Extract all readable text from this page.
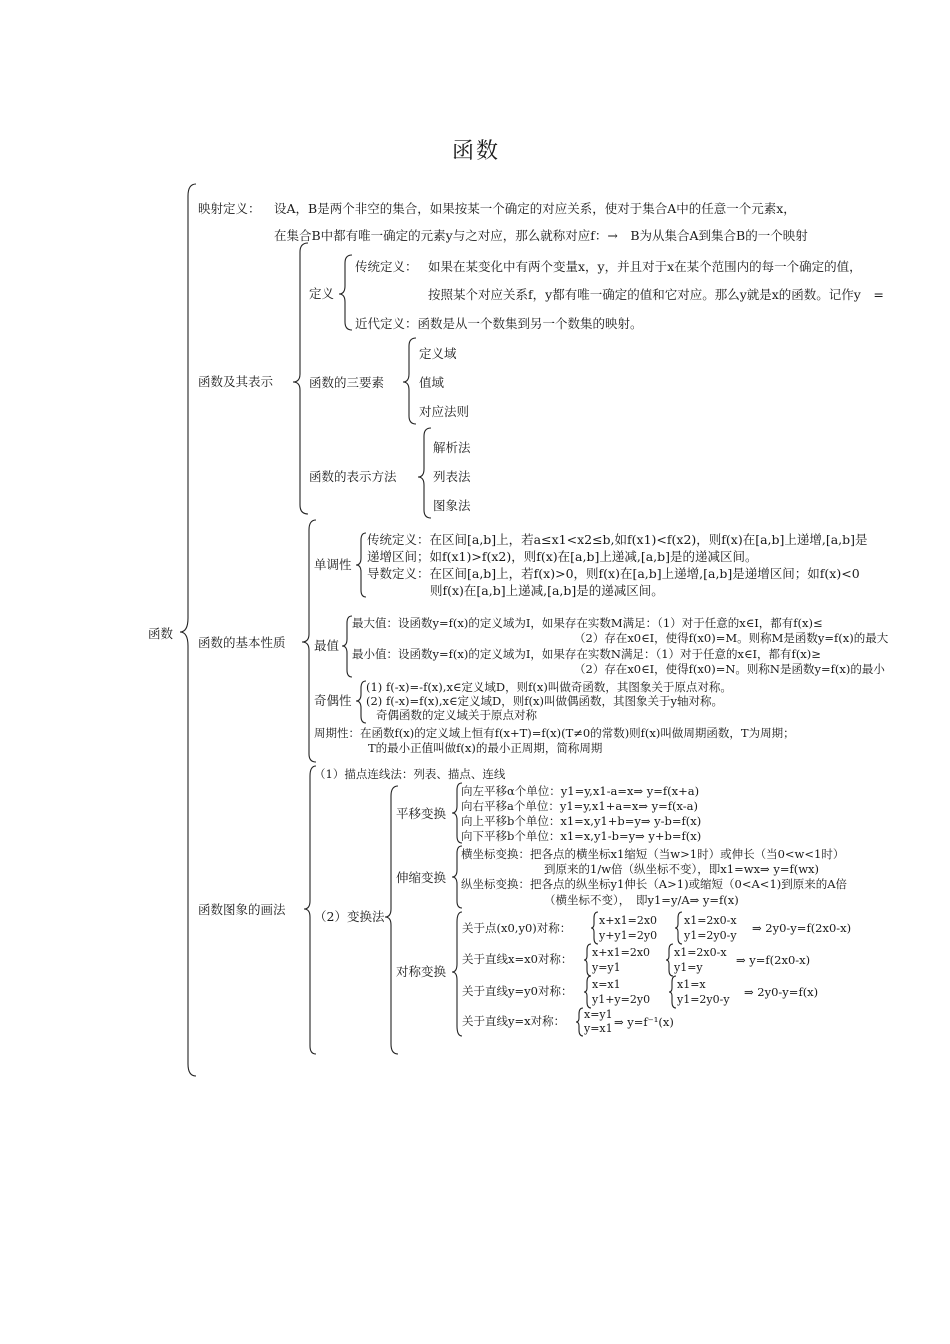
函数
函数
映射定义： 设A，B是两个非空的集合，如果按某一个确定的对应关系，使对于集合A中的任意一个元素x，
在集合B中都有唯一确定的元素y与之对应，那么就称对应f：→　B为从集合A到集合B的一个映射
函数及其表示
定义
传统定义： 如果在某变化中有两个变量x，y，并且对于x在某个范围内的每一个确定的值，
按照某个对应关系f，y都有唯一确定的值和它对应。那么y就是x的函数。记作y　=
近代定义：函数是从一个数集到另一个数集的映射。
函数的三要素
定义域
值域
对应法则
函数的表示方法
解析法
列表法
图象法
函数的基本性质
单调性
传统定义：在区间[a,b]上，若a≤x1<x2≤b,如f(x1)<f(x2)，则f(x)在[a,b]上递增,[a,b]是
递增区间；如f(x1)>f(x2)，则f(x)在[a,b]上递减,[a,b]是的递减区间。
导数定义：在区间[a,b]上，若f(x)>0，则f(x)在[a,b]上递增,[a,b]是递增区间；如f(x)<0
则f(x)在[a,b]上递减,[a,b]是的递减区间。
最值
最大值：设函数y=f(x)的定义域为I，如果存在实数M满足：（1）对于任意的x∈I，都有f(x)≤
（2）存在x0∈I，使得f(x0)=M。则称M是函数y=f(x)的最大
最小值：设函数y=f(x)的定义域为I，如果存在实数N满足：（1）对于任意的x∈I，都有f(x)≥
（2）存在x0∈I，使得f(x0)=N。则称N是函数y=f(x)的最小
奇偶性
(1) f(-x)=-f(x),x∈定义域D，则f(x)叫做奇函数，其图象关于原点对称。
(2) f(-x)=f(x),x∈定义域D，则f(x)叫做偶函数，其图象关于y轴对称。
奇偶函数的定义域关于原点对称
周期性：在函数f(x)的定义域上恒有f(x+T)=f(x)(T≠0的常数)则f(x)叫做周期函数，T为周期；
T的最小正值叫做f(x)的最小正周期，简称周期
函数图象的画法
（1）描点连线法：列表、描点、连线
（2）变换法
平移变换
向左平移α个单位：y1=y,x1-a=x⇒ y=f(x+a)
向右平移a个单位：y1=y,x1+a=x⇒ y=f(x-a)
向上平移b个单位：x1=x,y1+b=y⇒ y-b=f(x)
向下平移b个单位：x1=x,y1-b=y⇒ y+b=f(x)
伸缩变换
横坐标变换：把各点的横坐标x1缩短（当w>1时）或伸长（当0<w<1时）
到原来的1/w倍（纵坐标不变），即x1=wx⇒ y=f(wx)
纵坐标变换：把各点的纵坐标y1伸长（A>1)或缩短（0<A<1)到原来的A倍
（横坐标不变），　即y1=y/A⇒ y=f(x)
对称变换
关于点(x0,y0)对称：
x+x1=2x0
y+y1=2y0
x1=2x0-x
y1=2y0-y
⇒ 2y0-y=f(2x0-x)
关于直线x=x0对称： x+x1=2x0
y=y1
x1=2x0-x
y1=y
⇒ y=f(2x0-x)
关于直线y=y0对称： x=x1
y1+y=2y0
x1=x
y1=2y0-y
⇒ 2y0-y=f(x)
关于直线y=x对称： x=y1
y=x1 ⇒ y=f⁻¹(x)
